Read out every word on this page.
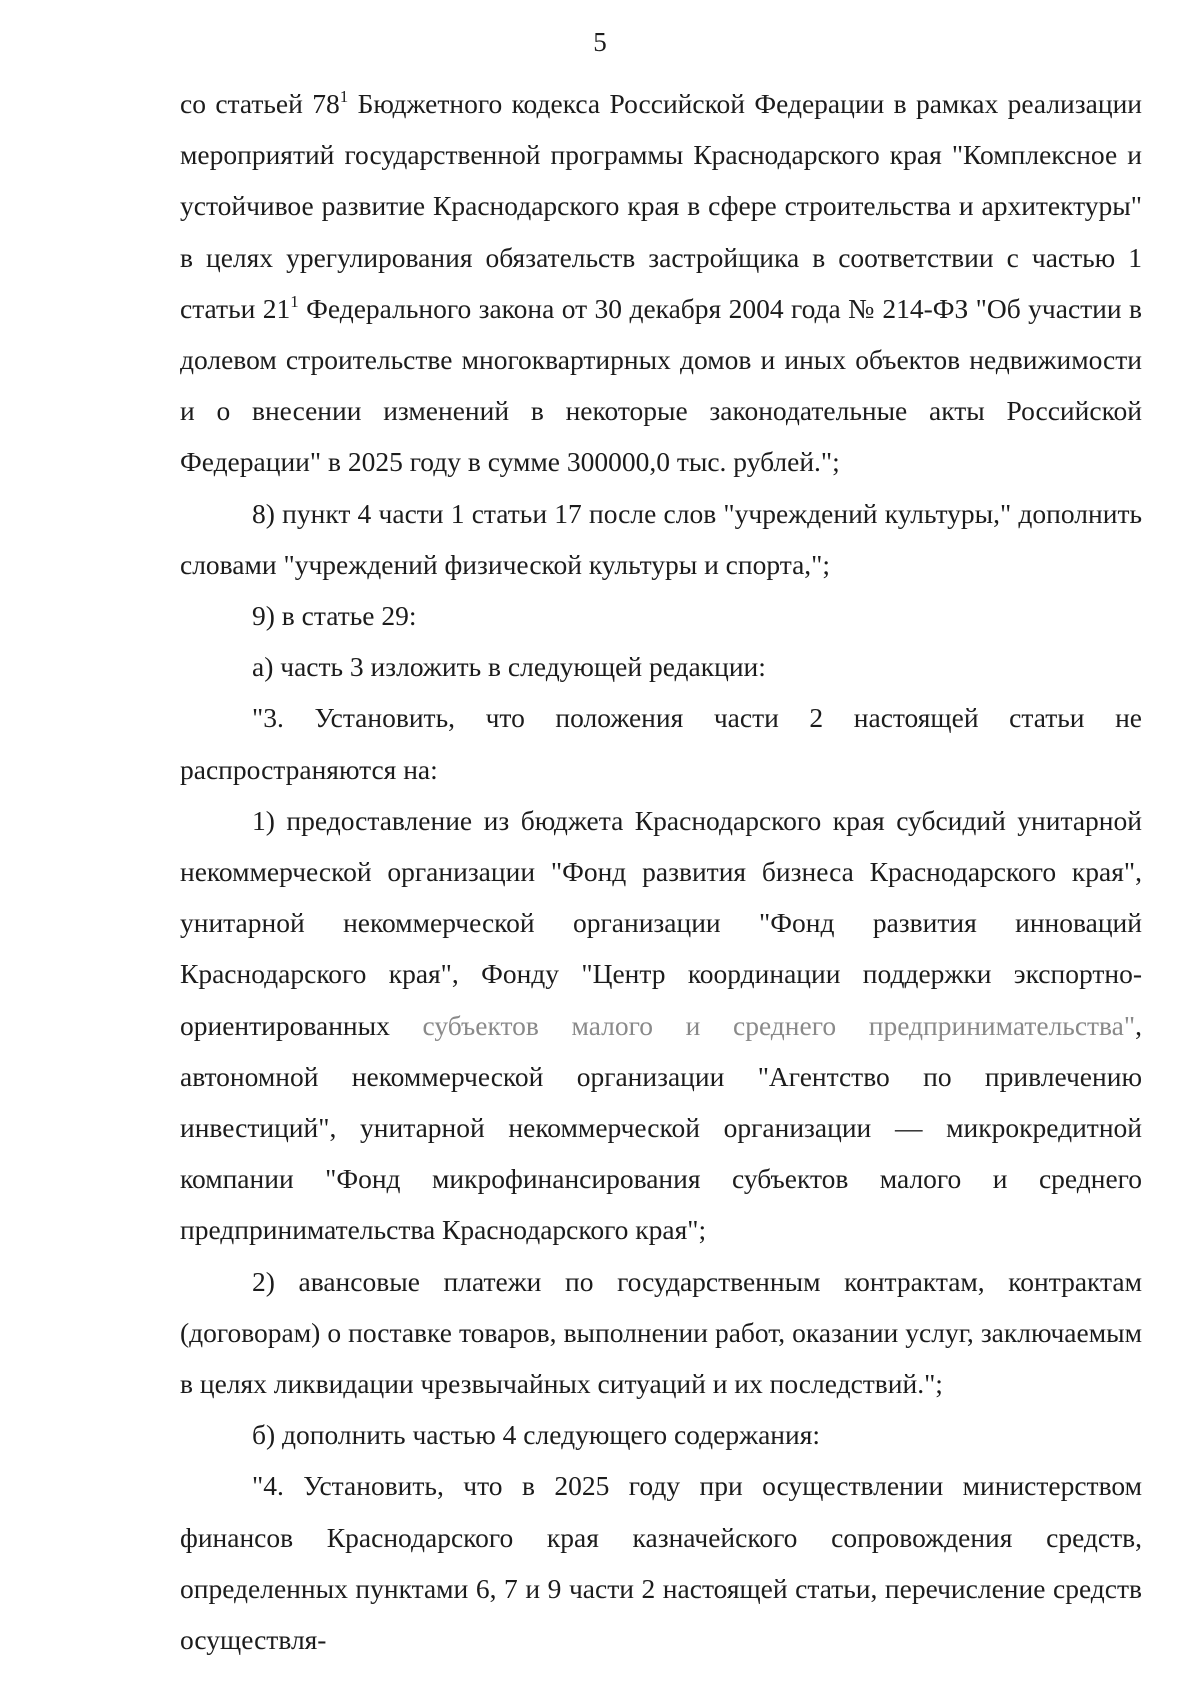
5

со статьей $78^1$ Бюджетного кодекса Российской Федерации в рамках реализации мероприятий государственной программы Краснодарского края "Комплексное и устойчивое развитие Краснодарского края в сфере строительства и архитектуры" в целях урегулирования обязательств застройщика в соответствии с частью 1 статьи $21^1$ Федерального закона от 30 декабря 2004 года № 214-ФЗ "Об участии в долевом строительстве многоквартирных домов и иных объектов недвижимости и о внесении изменений в некоторые законодательные акты Российской Федерации" в 2025 году в сумме 300000,0 тыс. рублей.";

8) пункт 4 части 1 статьи 17 после слов "учреждений культуры," дополнить словами "учреждений физической культуры и спорта,";

9) в статье 29:

а) часть 3 изложить в следующей редакции:

"3. Установить, что положения части 2 настоящей статьи не распространяются на:

1) предоставление из бюджета Краснодарского края субсидий унитарной некоммерческой организации "Фонд развития бизнеса Краснодарского края", унитарной некоммерческой организации "Фонд развития инноваций Краснодарского края", Фонду "Центр координации поддержки экспортно-ориентированных субъектов малого и среднего предпринимательства", автономной некоммерческой организации "Агентство по привлечению инвестиций", унитарной некоммерческой организации — микрокредитной компании "Фонд микрофинансирования субъектов малого и среднего предпринимательства Краснодарского края";

2) авансовые платежи по государственным контрактам, контрактам (договорам) о поставке товаров, выполнении работ, оказании услуг, заключаемым в целях ликвидации чрезвычайных ситуаций и их последствий.";

б) дополнить частью 4 следующего содержания:

"4. Установить, что в 2025 году при осуществлении министерством финансов Краснодарского края казначейского сопровождения средств, определенных пунктами 6, 7 и 9 части 2 настоящей статьи, перечисление средств осуществля-
